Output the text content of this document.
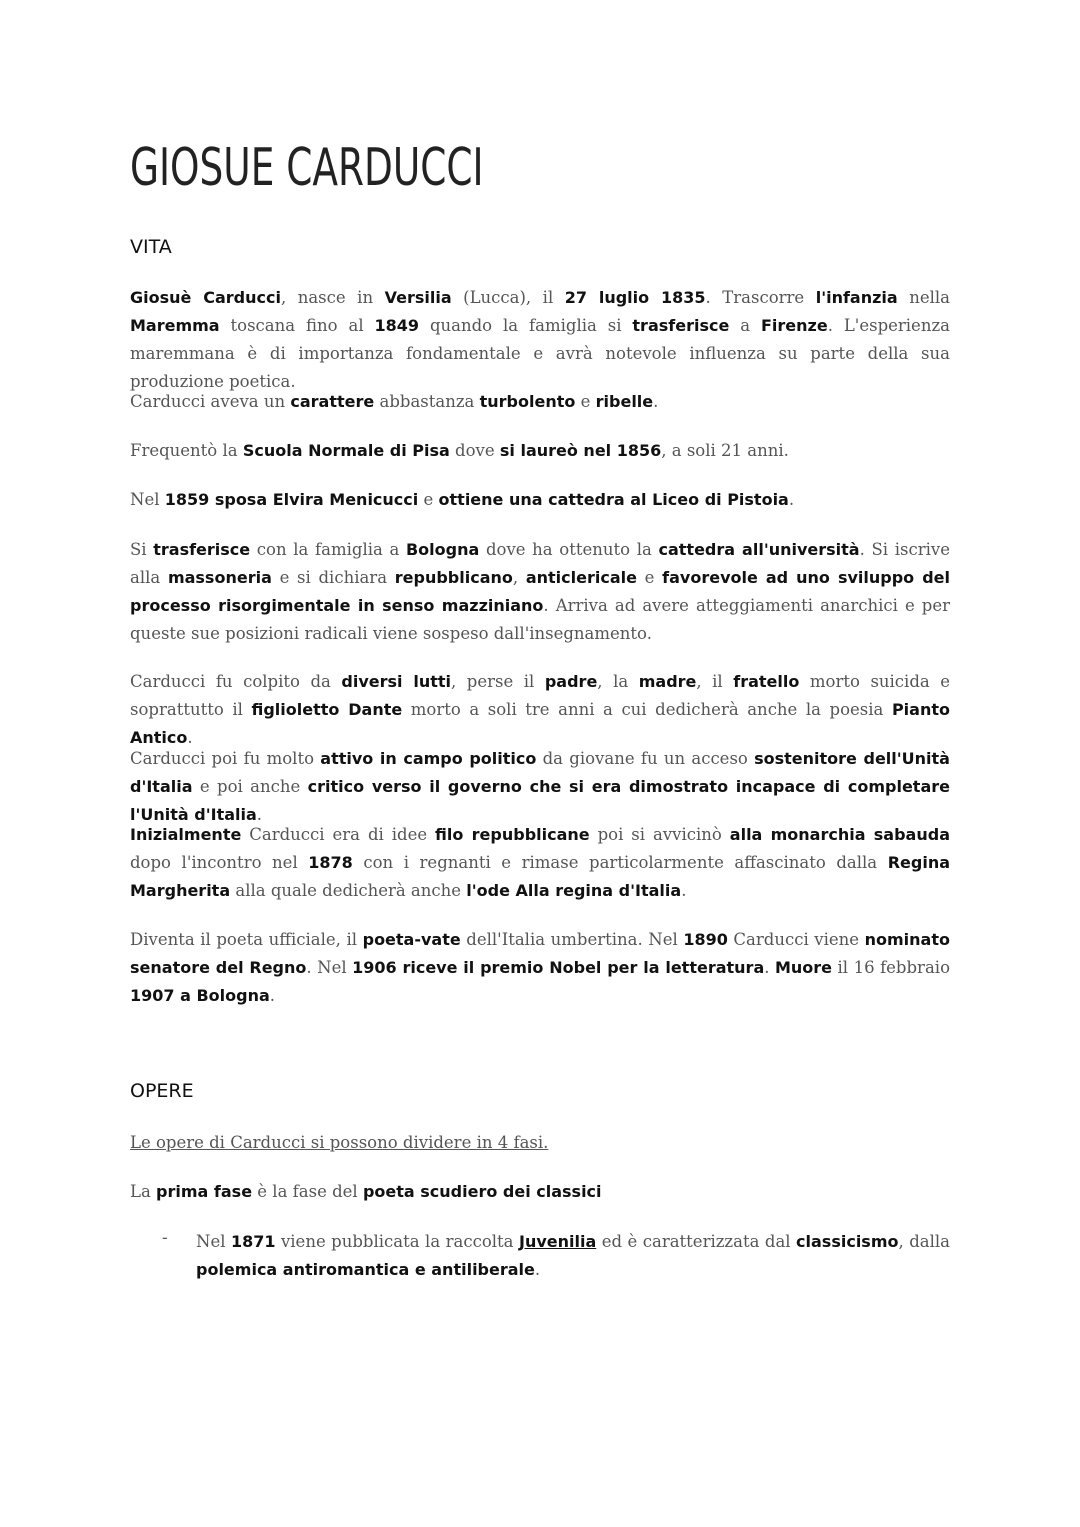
GIOSUE CARDUCCI
VITA

Giosuè Carducci, nasce in Versilia (Lucca), il 27 luglio 1835. Trascorre l'infanzia nella Maremma toscana fino al 1849 quando la famiglia si trasferisce a Firenze. L'esperienza maremmana è di importanza fondamentale e avrà notevole influenza su parte della sua produzione poetica.

Carducci aveva un carattere abbastanza turbolento e ribelle.

Frequentò la Scuola Normale di Pisa dove si laureò nel 1856, a soli 21 anni.

Nel 1859 sposa Elvira Menicucci e ottiene una cattedra al Liceo di Pistoia.

Si trasferisce con la famiglia a Bologna dove ha ottenuto la cattedra all'università. Si iscrive alla massoneria e si dichiara repubblicano, anticlericale e favorevole ad uno sviluppo del processo risorgimentale in senso mazziniano. Arriva ad avere atteggiamenti anarchici e per queste sue posizioni radicali viene sospeso dall'insegnamento.

Carducci fu colpito da diversi lutti, perse il padre, la madre, il fratello morto suicida e soprattutto il figlioletto Dante morto a soli tre anni a cui dedicherà anche la poesia Pianto Antico.

Carducci poi fu molto attivo in campo politico da giovane fu un acceso sostenitore dell'Unità d'Italia e poi anche critico verso il governo che si era dimostrato incapace di completare l'Unità d'Italia.

Inizialmente Carducci era di idee filo repubblicane poi si avvicinò alla monarchia sabauda dopo l'incontro nel 1878 con i regnanti e rimase particolarmente affascinato dalla Regina Margherita alla quale dedicherà anche l'ode Alla regina d'Italia.

Diventa il poeta ufficiale, il poeta-vate dell'Italia umbertina. Nel 1890 Carducci viene nominato senatore del Regno. Nel 1906 riceve il premio Nobel per la letteratura. Muore il 16 febbraio 1907 a Bologna.

OPERE

Le opere di Carducci si possono dividere in 4 fasi.

La prima fase è la fase del poeta scudiero dei classici

- Nel 1871 viene pubblicata la raccolta Juvenilia ed è caratterizzata dal classicismo, dalla polemica antiromantica e antiliberale.
